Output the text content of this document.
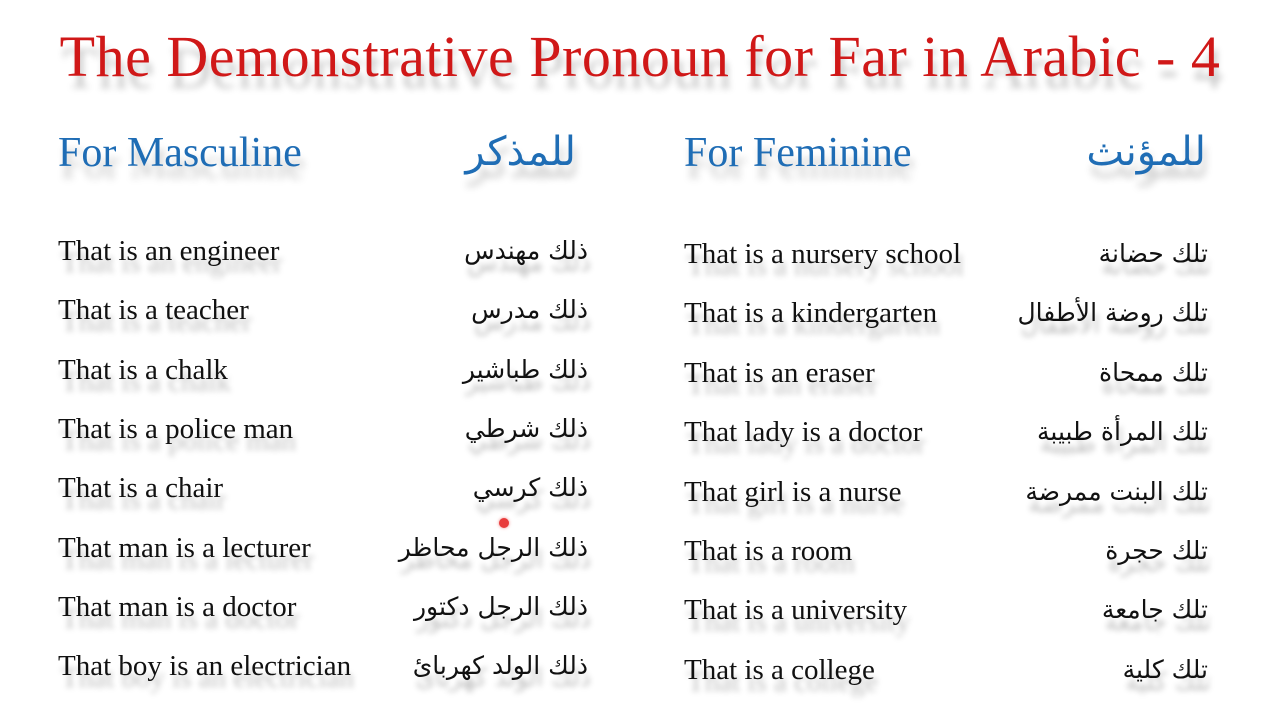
The Demonstrative Pronoun for Far in Arabic - 4
For Masculine	للمذكر
That is an engineer	ذلك مهندس
That is a teacher	ذلك مدرس
That is a chalk	ذلك طباشير
That is a police man	ذلك شرطي
That is a chair	ذلك كرسي
That man is a lecturer	ذلك الرجل محاظر
That man is a doctor	ذلك الرجل دكتور
That boy is an electrician ذلك الولد كهربائ
For Feminine	للمؤنث
That is a nursery school	تلك حضانة
That is a kindergarten	تلك روضة الأطفال
That is an eraser	تلك ممحاة
That lady is a doctor	تلك المرأة طبيبة
That girl is a nurse	تلك البنت ممرضة
That is a room	تلك حجرة
That is a university	تلك جامعة
That is a college	تلك كلية
